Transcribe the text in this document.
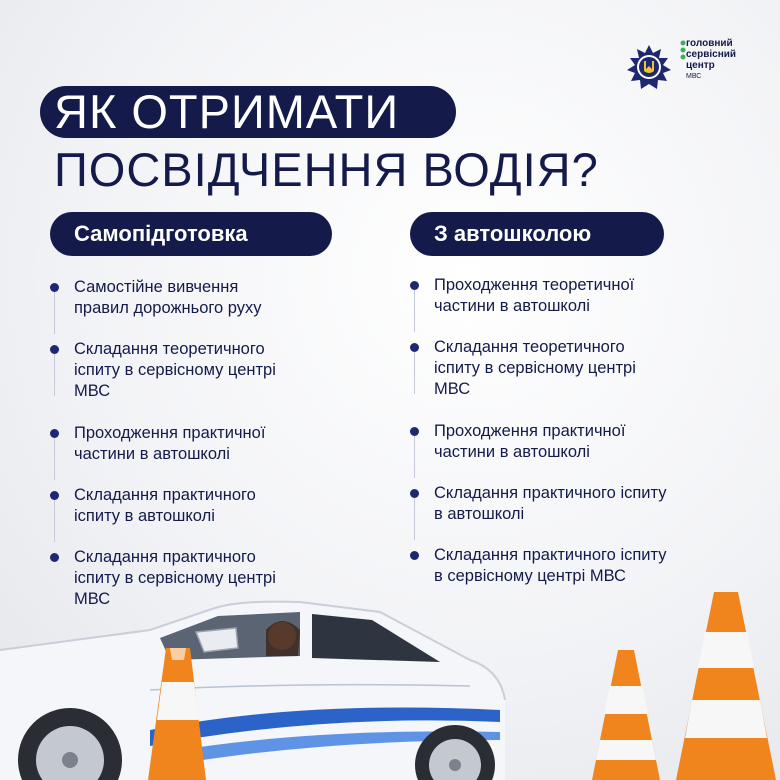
головний
сервісний
центр
МВС
ЯК ОТРИМАТИ
ПОСВІДЧЕННЯ ВОДІЯ?
Самопідготовка	З автошколою
Самостійне вивчення
правил дорожнього руху
Складання теоретичного
іспиту в сервісному центрі
МВС
Проходження практичної
частини в автошколі
Складання практичного
іспиту в автошколі
Складання практичного
іспиту в сервісному центрі
МВС
Проходження теоретичної
частини в автошколі
Складання теоретичного
іспиту в сервісному центрі
МВС
Проходження практичної
частини в автошколі
Складання практичного іспиту
в автошколі
Складання практичного іспиту
в сервісному центрі МВС
